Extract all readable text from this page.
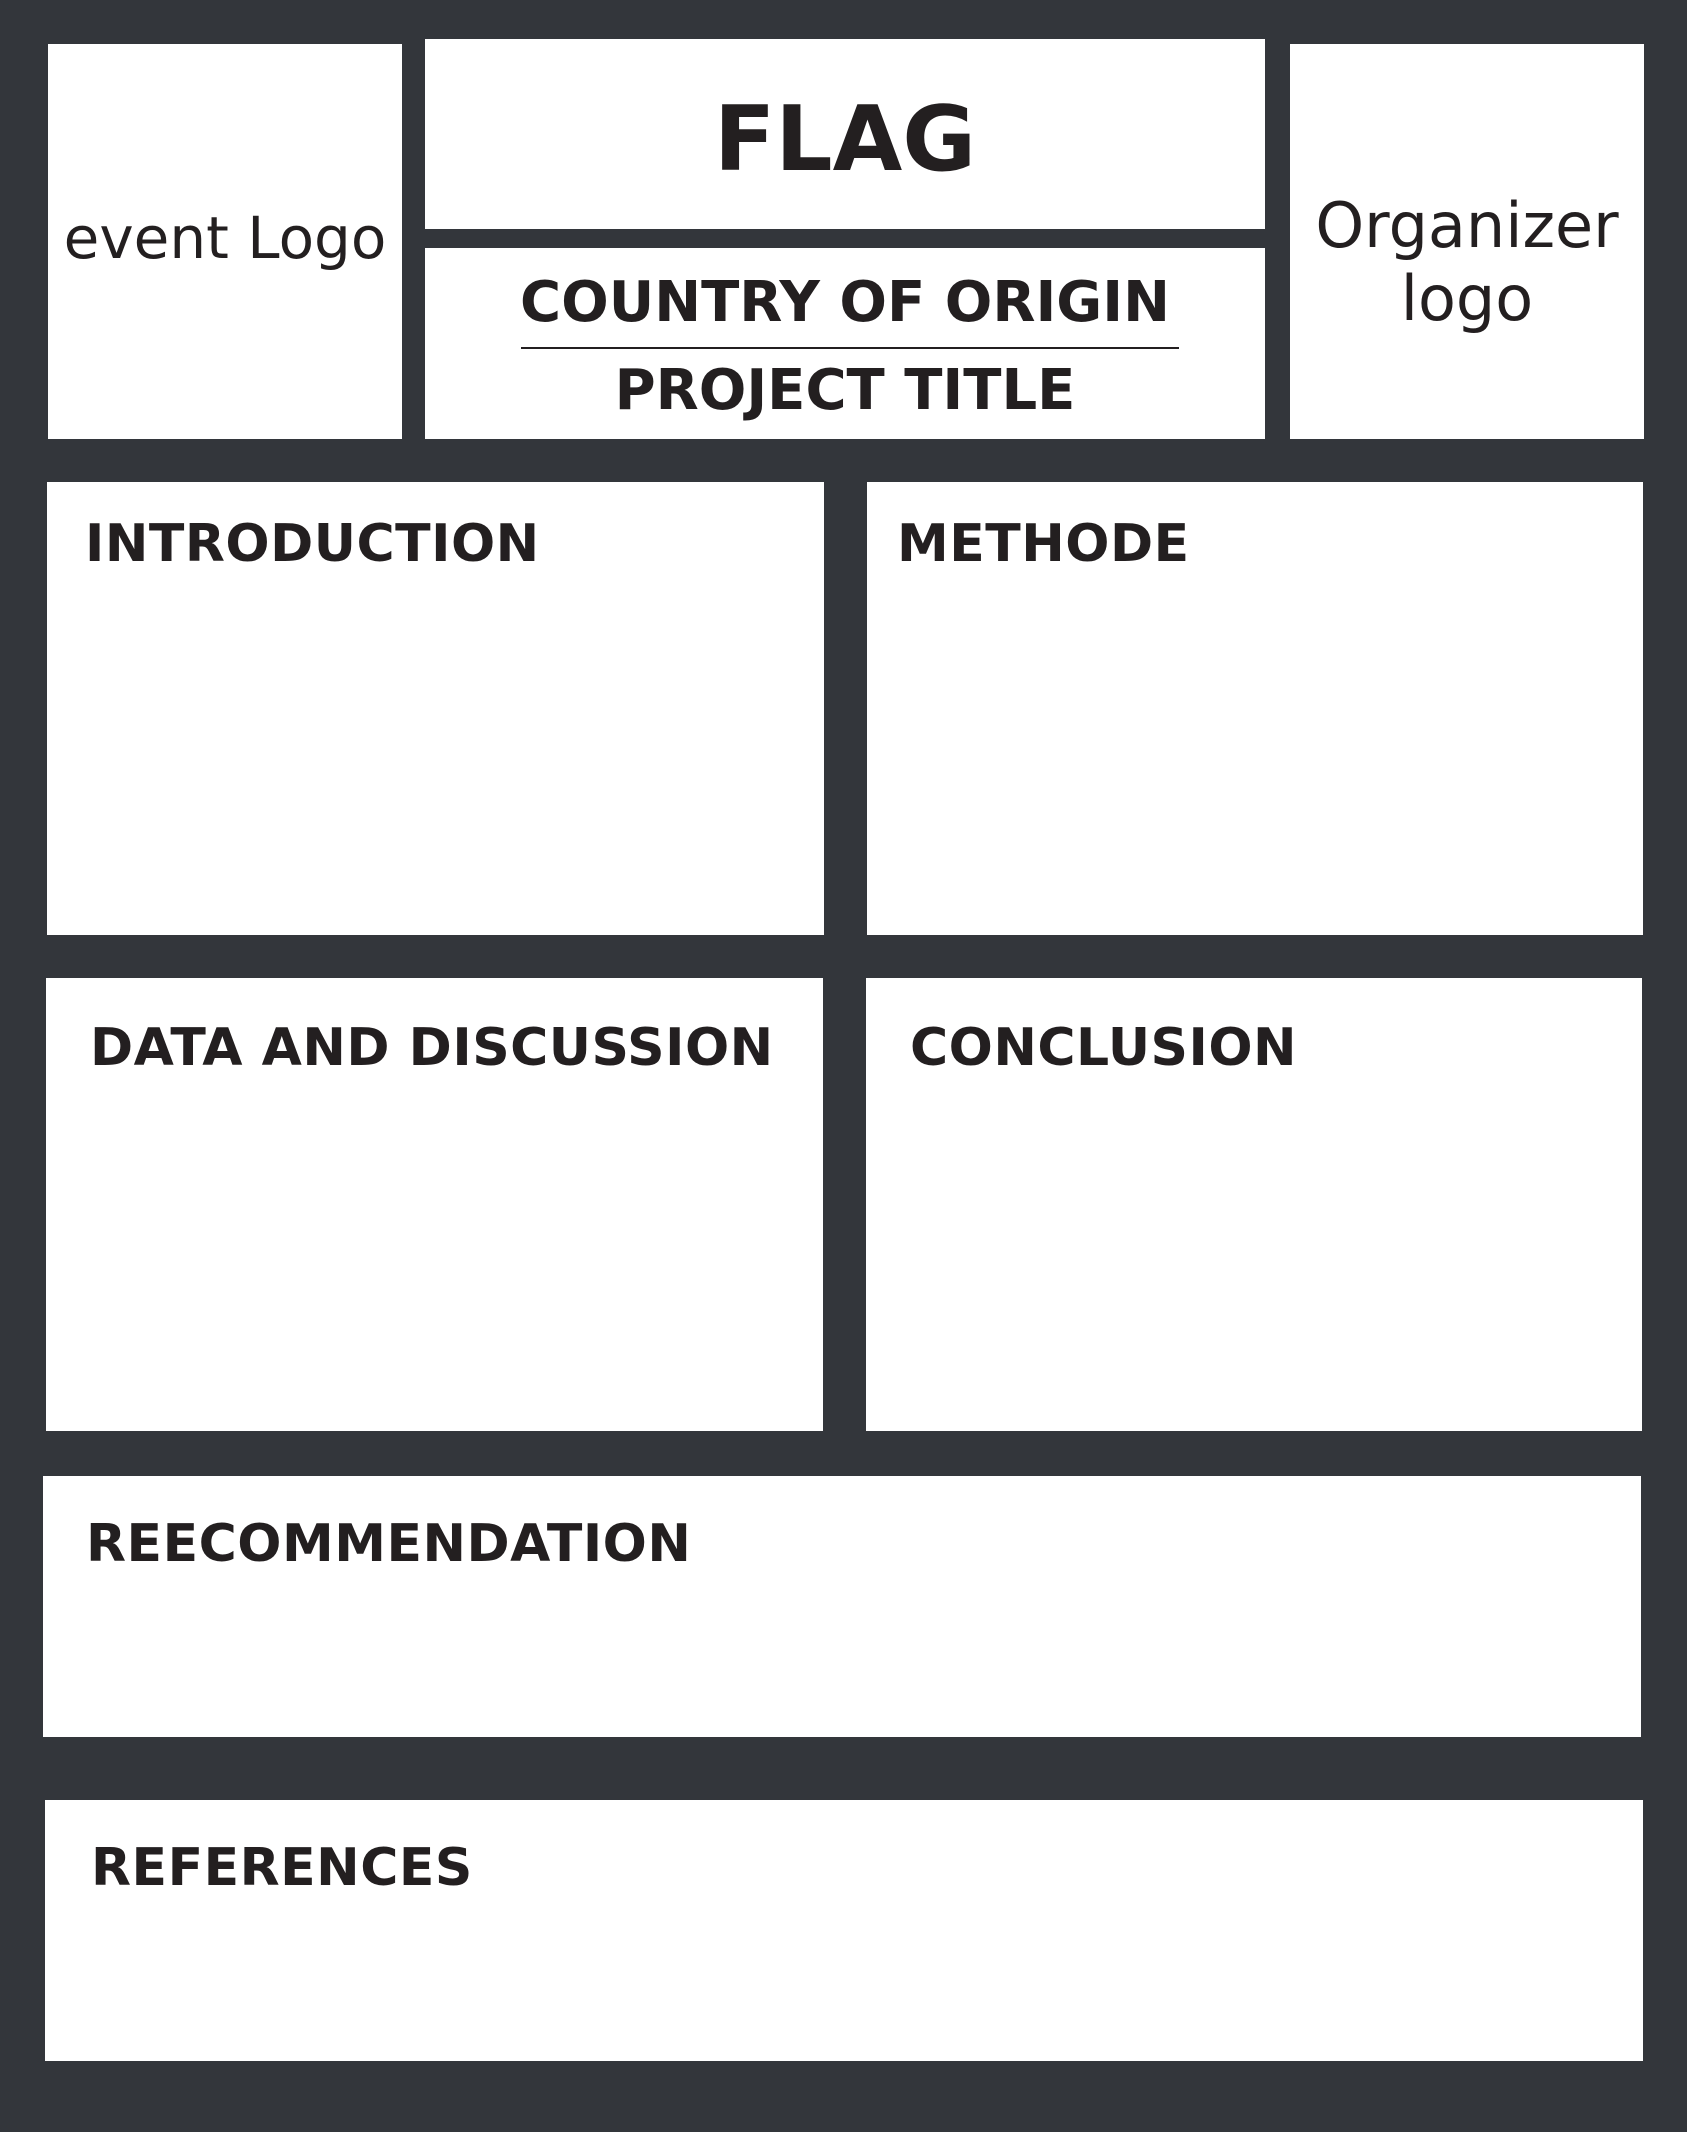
event Logo
FLAG
COUNTRY OF ORIGIN
PROJECT TITLE
Organizer
logo
INTRODUCTION	METHODE
DATA AND DISCUSSION	CONCLUSION
REECOMMENDATION
REFERENCES
